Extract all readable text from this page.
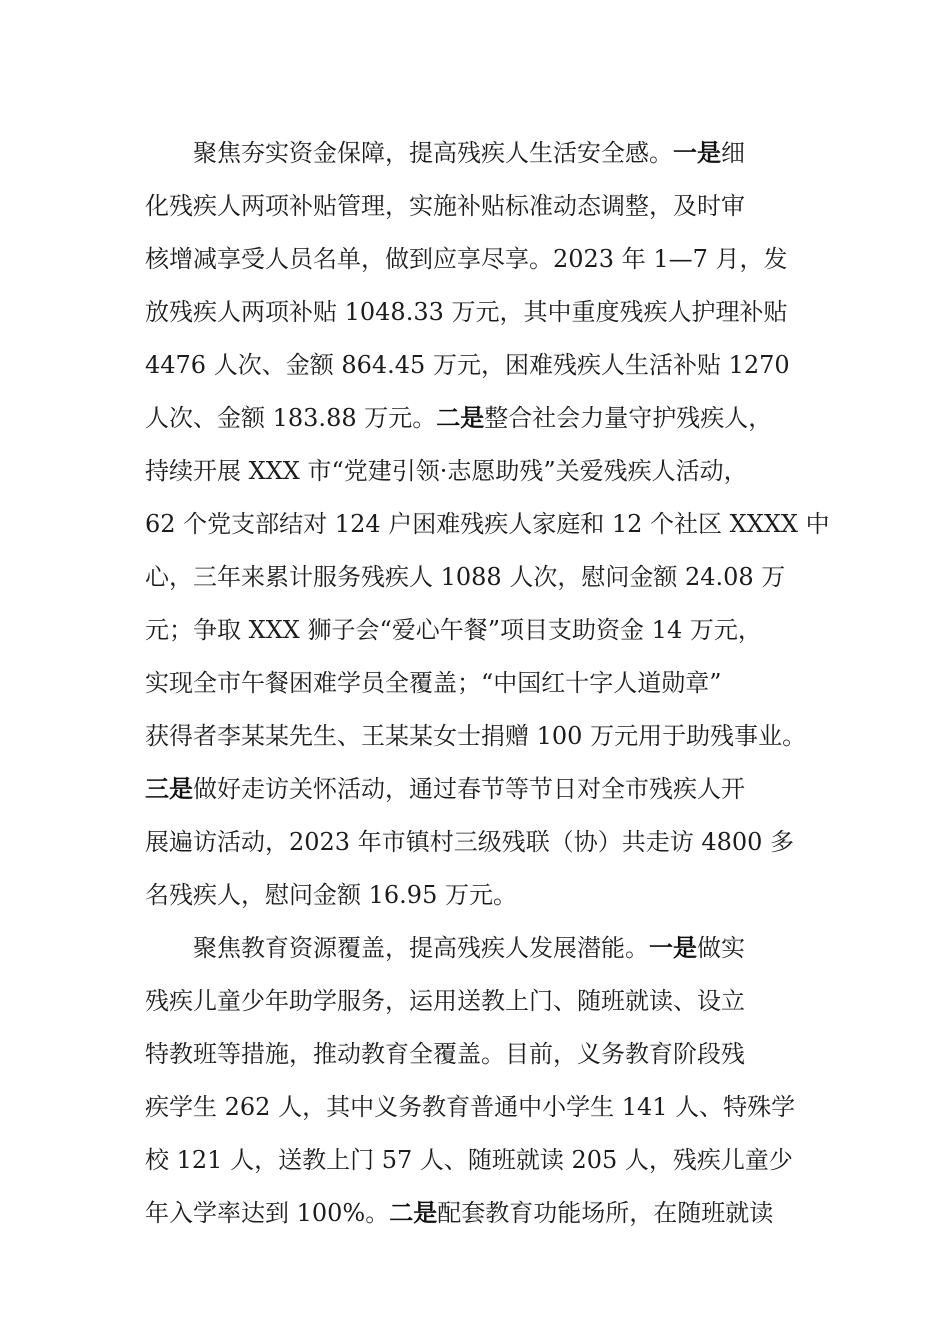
聚焦夯实资金保障，提高残疾人生活安全感。一是细
化残疾人两项补贴管理，实施补贴标准动态调整，及时审
核增减享受人员名单，做到应享尽享。2023 年 1—7 月，发
放残疾人两项补贴 1048.33 万元，其中重度残疾人护理补贴
4476 人次、金额 864.45 万元，困难残疾人生活补贴 1270
人次、金额 183.88 万元。二是整合社会力量守护残疾人，
持续开展 XXX 市“党建引领·志愿助残”关爱残疾人活动，
62 个党支部结对 124 户困难残疾人家庭和 12 个社区 XXXX 中
心，三年来累计服务残疾人 1088 人次，慰问金额 24.08 万
元；争取 XXX 狮子会“爱心午餐”项目支助资金 14 万元，
实现全市午餐困难学员全覆盖；“中国红十字人道勋章”
获得者李某某先生、王某某女士捐赠 100 万元用于助残事业。
三是做好走访关怀活动，通过春节等节日对全市残疾人开
展遍访活动，2023 年市镇村三级残联（协）共走访 4800 多
名残疾人，慰问金额 16.95 万元。
聚焦教育资源覆盖，提高残疾人发展潜能。一是做实
残疾儿童少年助学服务，运用送教上门、随班就读、设立
特教班等措施，推动教育全覆盖。目前，义务教育阶段残
疾学生 262 人，其中义务教育普通中小学生 141 人、特殊学
校 121 人，送教上门 57 人、随班就读 205 人，残疾儿童少
年入学率达到 100%。二是配套教育功能场所，在随班就读
